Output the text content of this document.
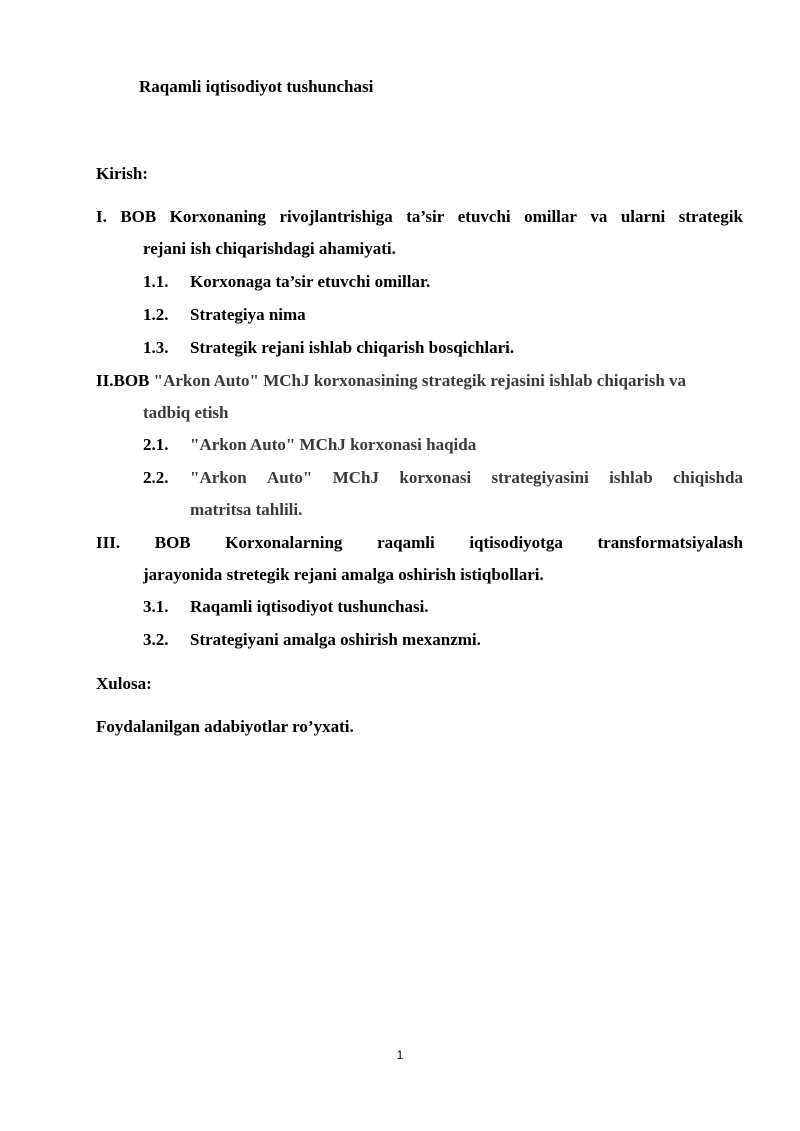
Raqamli iqtisodiyot tushunchasi
Kirish:
I. BOB Korxonaning rivojlantrishiga ta’sir etuvchi omillar va ularni strategik
rejani ish chiqarishdagi ahamiyati.
1.1. Korxonaga ta’sir etuvchi omillar.
1.2. Strategiya nima
1.3. Strategik rejani ishlab chiqarish bosqichlari.
II.BOB "Arkon Auto" MChJ korxonasining strategik rejasini ishlab chiqarish va
tadbiq etish
2.1. "Arkon Auto" MChJ korxonasi haqida
2.2. "Arkon Auto" MChJ korxonasi strategiyasini ishlab chiqishda
matritsa tahlili.
III. BOB Korxonalarning raqamli iqtisodiyotga transformatsiyalash
jarayonida stretegik rejani amalga oshirish istiqbollari.
3.1. Raqamli iqtisodiyot tushunchasi.
3.2. Strategiyani amalga oshirish mexanzmi.
Xulosa:
Foydalanilgan adabiyotlar ro’yxati.
1
